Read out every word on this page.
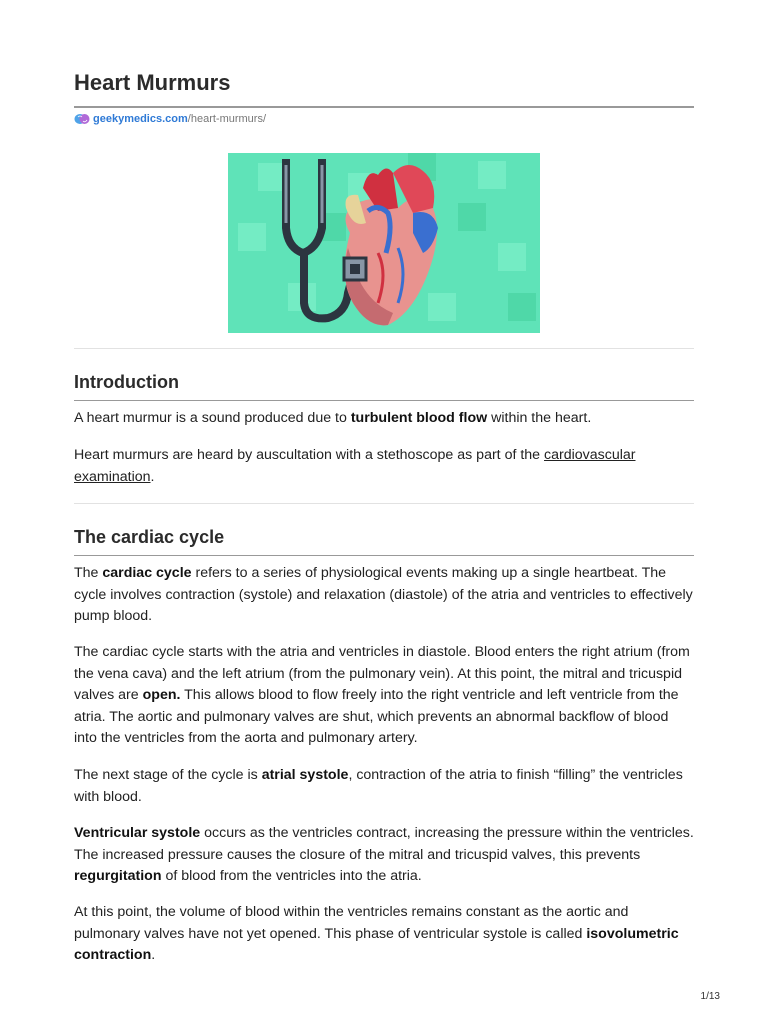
Heart Murmurs
geekymedics.com /heart-murmurs/
Introduction

A heart murmur is a sound produced due to turbulent blood flow within the heart.

Heart murmurs are heard by auscultation with a stethoscope as part of the cardiovascular examination.

The cardiac cycle

The cardiac cycle refers to a series of physiological events making up a single heartbeat. The cycle involves contraction (systole) and relaxation (diastole) of the atria and ventricles to effectively pump blood.

The cardiac cycle starts with the atria and ventricles in diastole. Blood enters the right atrium (from the vena cava) and the left atrium (from the pulmonary vein). At this point, the mitral and tricuspid valves are open. This allows blood to flow freely into the right ventricle and left ventricle from the atria. The aortic and pulmonary valves are shut, which prevents an abnormal backflow of blood into the ventricles from the aorta and pulmonary artery.

The next stage of the cycle is atrial systole, contraction of the atria to finish “filling” the ventricles with blood.

Ventricular systole occurs as the ventricles contract, increasing the pressure within the ventricles. The increased pressure causes the closure of the mitral and tricuspid valves, this prevents regurgitation of blood from the ventricles into the atria.

At this point, the volume of blood within the ventricles remains constant as the aortic and pulmonary valves have not yet opened. This phase of ventricular systole is called isovolumetric contraction.

1/13
